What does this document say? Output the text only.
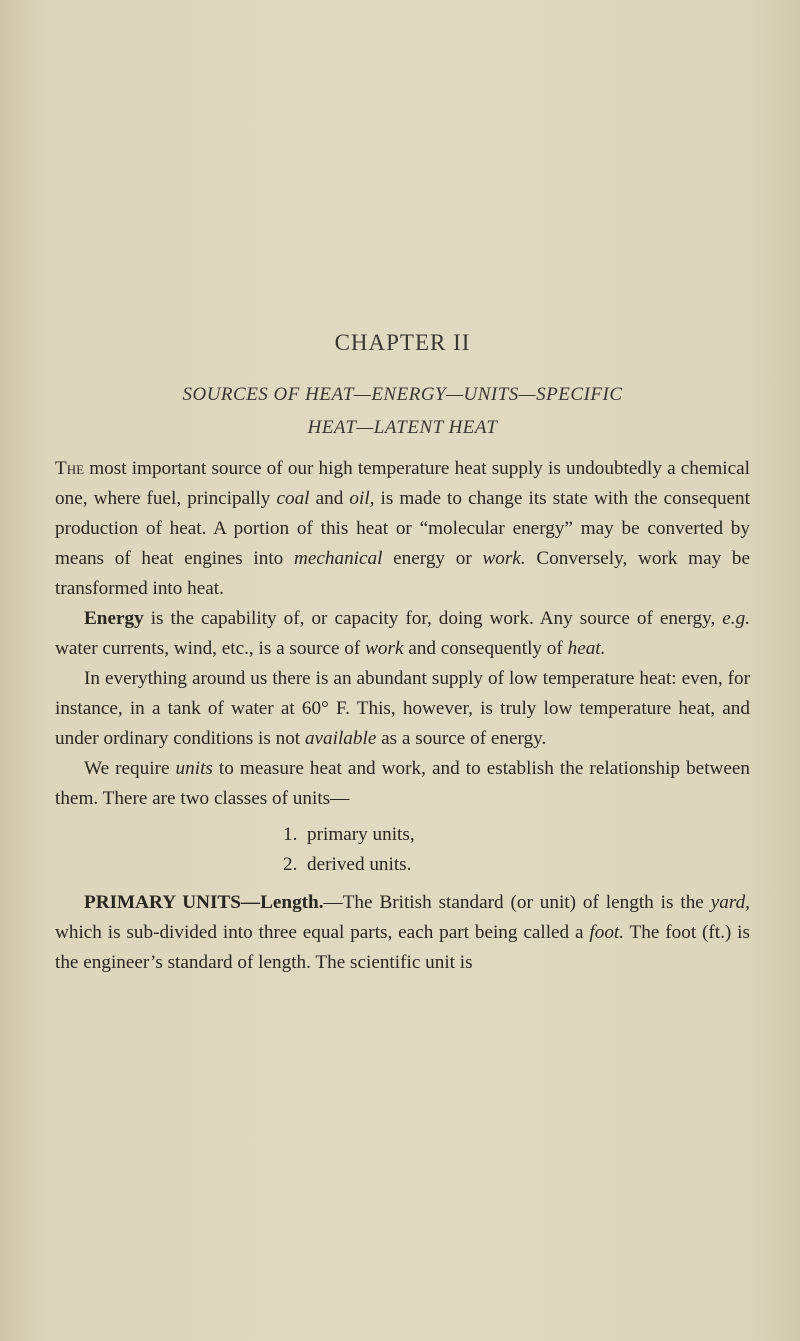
CHAPTER II
SOURCES OF HEAT—ENERGY—UNITS—SPECIFIC
HEAT—LATENT HEAT

The most important source of our high temperature heat supply is undoubtedly a chemical one, where fuel, principally coal and oil, is made to change its state with the consequent production of heat. A portion of this heat or “molecular energy” may be converted by means of heat engines into mechanical energy or work. Conversely, work may be transformed into heat.

Energy is the capability of, or capacity for, doing work. Any source of energy, e.g. water currents, wind, etc., is a source of work and consequently of heat.

In everything around us there is an abundant supply of low temperature heat: even, for instance, in a tank of water at 60° F. This, however, is truly low temperature heat, and under ordinary conditions is not available as a source of energy.

We require units to measure heat and work, and to establish the relationship between them. There are two classes of units—

1. primary units,
2. derived units.

PRIMARY UNITS—Length.—The British standard (or unit) of length is the yard, which is sub-divided into three equal parts, each part being called a foot. The foot (ft.) is the engineer’s standard of length. The scientific unit is
